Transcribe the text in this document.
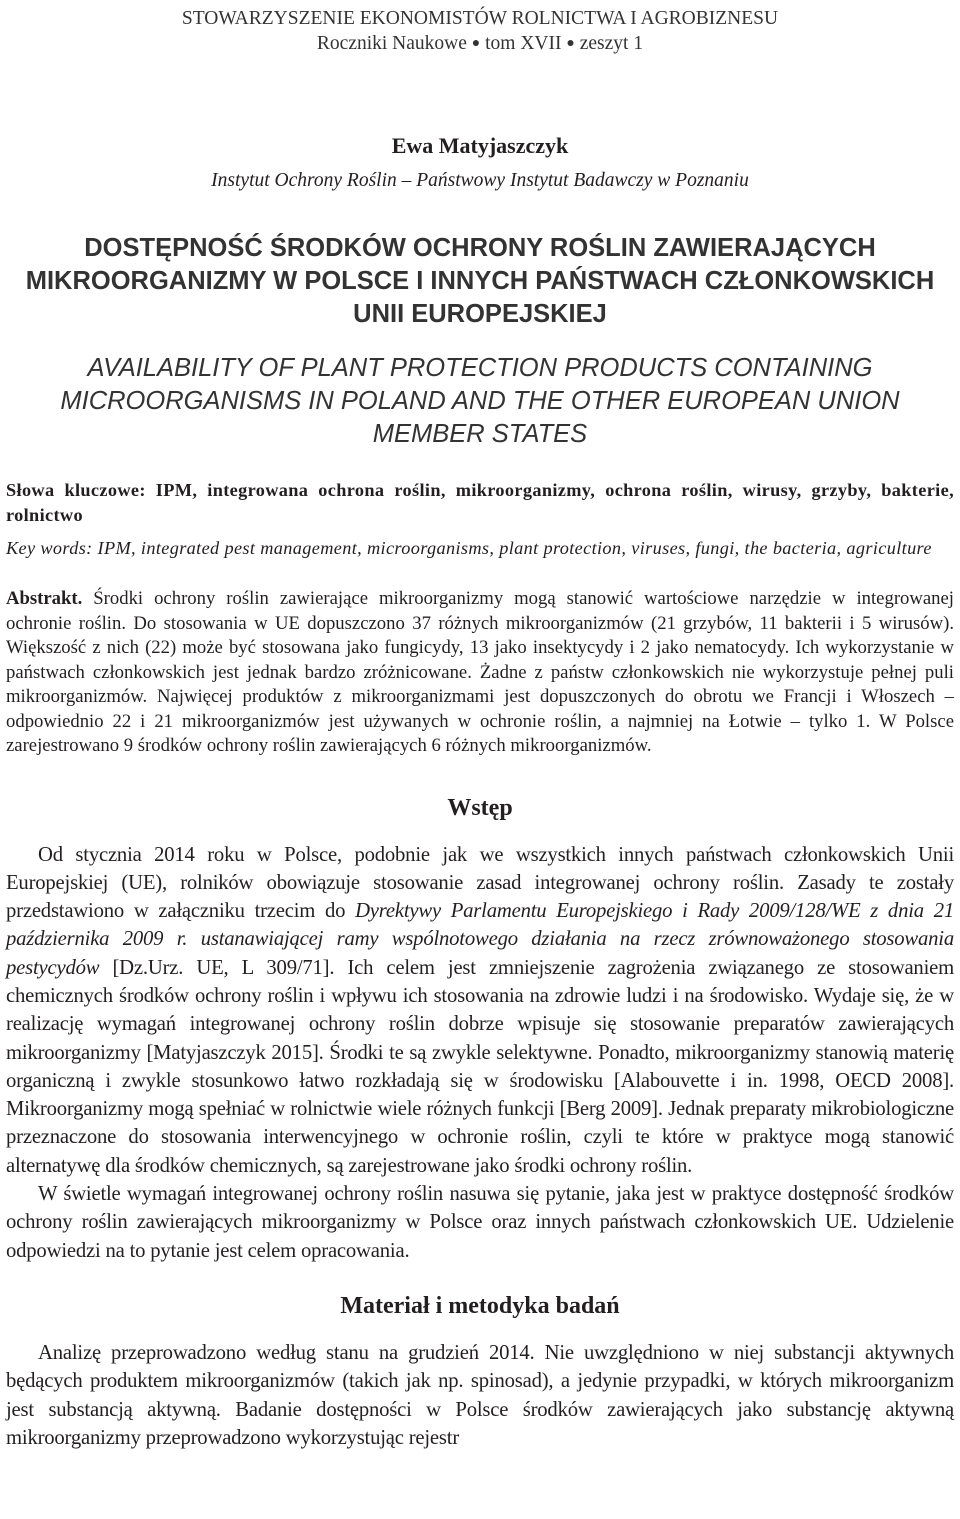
STOWARZYSZENIE EKONOMISTÓW ROLNICTWA I AGROBIZNESU

Roczniki Naukowe ● tom XVII ● zeszyt 1

Ewa Matyjaszczyk

Instytut Ochrony Roślin – Państwowy Instytut Badawczy w Poznaniu

DOSTĘPNOŚĆ ŚRODKÓW OCHRONY ROŚLIN ZAWIERAJĄCYCH MIKROORGANIZMY W POLSCE I INNYCH PAŃSTWACH CZŁONKOWSKICH UNII EUROPEJSKIEJ

AVAILABILITY OF PLANT PROTECTION PRODUCTS CONTAINING MICROORGANISMS IN POLAND AND THE OTHER EUROPEAN UNION MEMBER STATES

Słowa kluczowe: IPM, integrowana ochrona roślin, mikroorganizmy, ochrona roślin, wirusy, grzyby, bakterie, rolnictwo

Key words: IPM, integrated pest management, microorganisms, plant protection, viruses, fungi, the bacteria, agriculture

Abstrakt. Środki ochrony roślin zawierające mikroorganizmy mogą stanowić wartościowe narzędzie w integrowanej ochronie roślin. Do stosowania w UE dopuszczono 37 różnych mikroorganizmów (21 grzybów, 11 bakterii i 5 wirusów). Większość z nich (22) może być stosowana jako fungicydy, 13 jako insektycydy i 2 jako nematocydy. Ich wykorzystanie w państwach członkowskich jest jednak bardzo zróżnicowane. Żadne z państw członkowskich nie wykorzystuje pełnej puli mikroorganizmów. Najwięcej produktów z mikroorganizmami jest dopuszczonych do obrotu we Francji i Włoszech – odpowiednio 22 i 21 mikroorganizmów jest używanych w ochronie roślin, a najmniej na Łotwie – tylko 1. W Polsce zarejestrowano 9 środków ochrony roślin zawierających 6 różnych mikroorganizmów.

Wstęp

Od stycznia 2014 roku w Polsce, podobnie jak we wszystkich innych państwach członkowskich Unii Europejskiej (UE), rolników obowiązuje stosowanie zasad integrowanej ochrony roślin. Zasady te zostały przedstawiono w załączniku trzecim do Dyrektywy Parlamentu Europejskiego i Rady 2009/128/WE z dnia 21 października 2009 r. ustanawiającej ramy wspólnotowego działania na rzecz zrównoważonego stosowania pestycydów [Dz.Urz. UE, L 309/71]. Ich celem jest zmniejszenie zagrożenia związanego ze stosowaniem chemicznych środków ochrony roślin i wpływu ich stosowania na zdrowie ludzi i na środowisko. Wydaje się, że w realizację wymagań integrowanej ochrony roślin dobrze wpisuje się stosowanie preparatów zawierających mikroorganizmy [Matyjaszczyk 2015]. Środki te są zwykle selektywne. Ponadto, mikroorganizmy stanowią materię organiczną i zwykle stosunkowo łatwo rozkładają się w środowisku [Alabouvette i in. 1998, OECD 2008]. Mikroorganizmy mogą spełniać w rolnictwie wiele różnych funkcji [Berg 2009]. Jednak preparaty mikrobiologiczne przeznaczone do stosowania interwencyjnego w ochronie roślin, czyli te które w praktyce mogą stanowić alternatywę dla środków chemicznych, są zarejestrowane jako środki ochrony roślin.

W świetle wymagań integrowanej ochrony roślin nasuwa się pytanie, jaka jest w praktyce dostępność środków ochrony roślin zawierających mikroorganizmy w Polsce oraz innych państwach członkowskich UE. Udzielenie odpowiedzi na to pytanie jest celem opracowania.

Materiał i metodyka badań

Analizę przeprowadzono według stanu na grudzień 2014. Nie uwzględniono w niej substancji aktywnych będących produktem mikroorganizmów (takich jak np. spinosad), a jedynie przypadki, w których mikroorganizm jest substancją aktywną. Badanie dostępności w Polsce środków zawierających jako substancję aktywną mikroorganizmy przeprowadzono wykorzystując rejestr
